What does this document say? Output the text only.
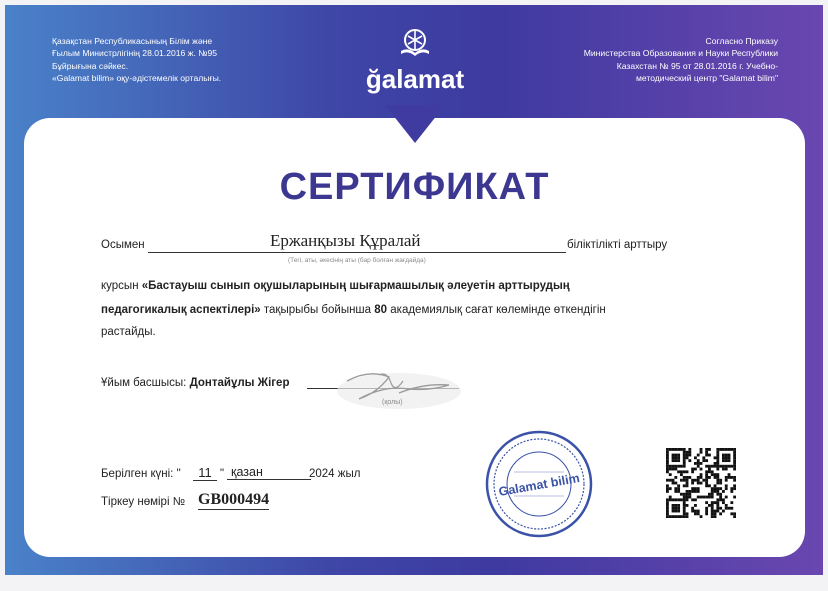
Қазақстан Республикасының Білім және
Ғылым Министрлігінің 28.01.2016 ж. №95
Бұйрығына сәйкес.
«Galamat bilim» оқу-әдістемелік орталығы.	ğalamat
Согласно Приказу
Министерства Образования и Науки Республики
Казахстан № 95 от 28.01.2016 г. Учебно-
методический центр "Galamat bilim"
СЕРТИФИКАТ
Осымен	Ержанқызы Құралай	біліктілікті арттыру
(Тегі, аты, әкесінің аты (бар болған жағдайда)
курсын «Бастауыш сынып оқушыларының шығармашылық әлеуетін арттырудың
педагогикалық аспектілері» тақырыбы бойынша 80 академиялық сағат көлемінде өткендігін
растайды.
Ұйым басшысы: Донтайұлы Жігер
(қолы)
Берілген күні: "	11 " қазан	2024 жыл
Тіркеу нөмірі № GB000494
Galamat bilim
